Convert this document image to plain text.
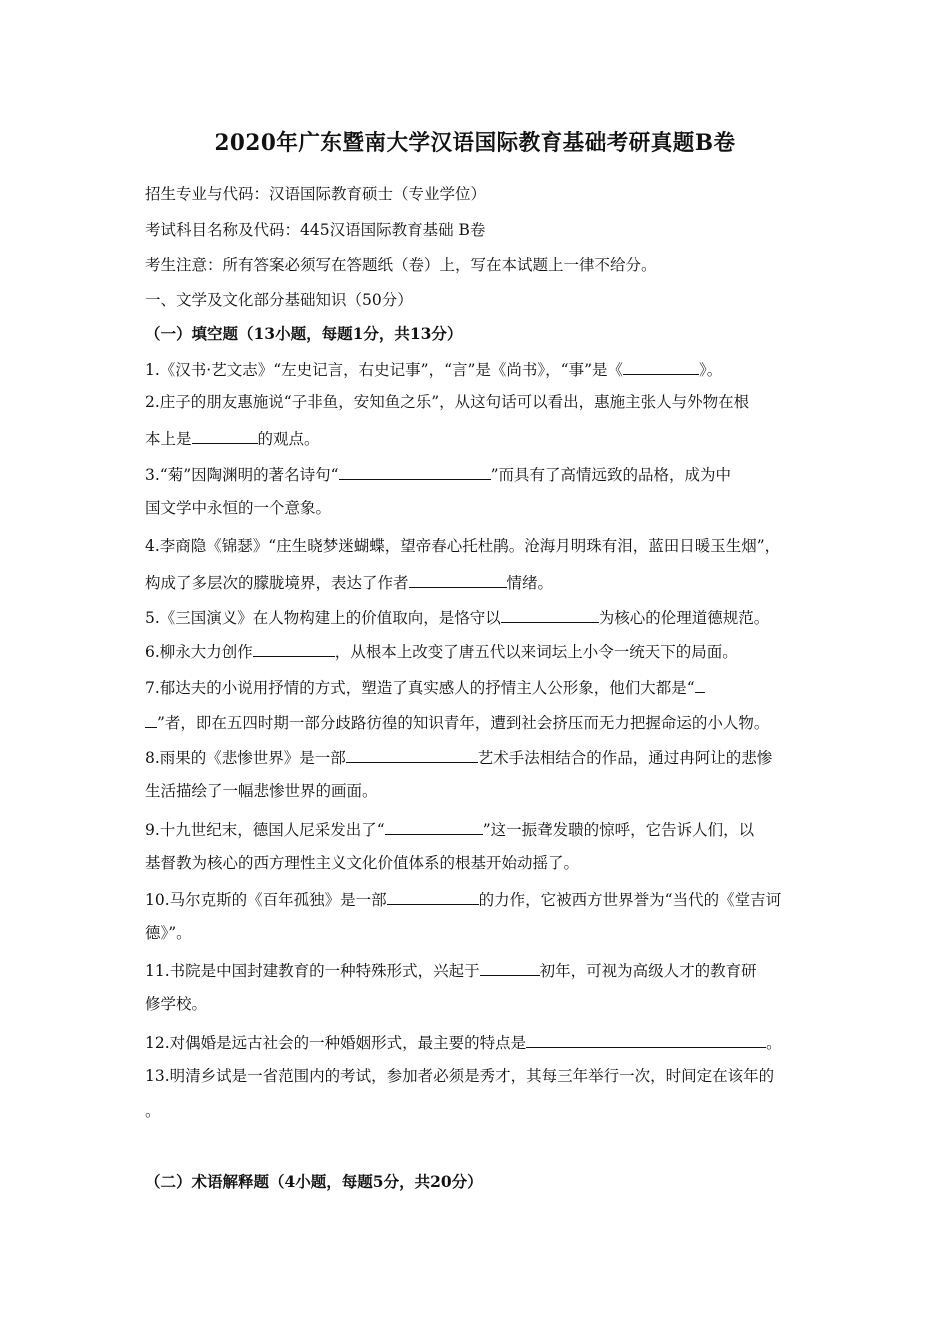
2020年广东暨南大学汉语国际教育基础考研真题B卷
招生专业与代码：汉语国际教育硕士（专业学位）
考试科目名称及代码：445汉语国际教育基础 B卷
考生注意：所有答案必须写在答题纸（卷）上，写在本试题上一律不给分。
一、文学及文化部分基础知识（50分）
（一）填空题（13小题，每题1分，共13分）
1.《汉书·艺文志》“左史记言，右史记事”，“言”是《尚书》，“事”是《	》。
2.庄子的朋友惠施说“子非鱼，安知鱼之乐”，从这句话可以看出，惠施主张人与外物在根
本上是	的观点。
3.“菊”因陶渊明的著名诗句“	”而具有了高情远致的品格，成为中
国文学中永恒的一个意象。
4.李商隐《锦瑟》“庄生晓梦迷蝴蝶，望帝春心托杜鹃。沧海月明珠有泪，蓝田日暖玉生烟”，
构成了多层次的朦胧境界，表达了作者	情绪。
5.《三国演义》在人物构建上的价值取向，是恪守以	为核心的伦理道德规范。
6.柳永大力创作	，从根本上改变了唐五代以来词坛上小令一统天下的局面。
7.郁达夫的小说用抒情的方式，塑造了真实感人的抒情主人公形象，他们大都是“
”者，即在五四时期一部分歧路彷徨的知识青年，遭到社会挤压而无力把握命运的小人物。
8.雨果的《悲惨世界》是一部	艺术手法相结合的作品，通过冉阿让的悲惨
生活描绘了一幅悲惨世界的画面。
9.十九世纪末，德国人尼采发出了“	”这一振聋发聩的惊呼，它告诉人们，以
基督教为核心的西方理性主义文化价值体系的根基开始动摇了。
10.马尔克斯的《百年孤独》是一部	的力作，它被西方世界誉为“当代的《堂吉诃
德》”。
11.书院是中国封建教育的一种特殊形式，兴起于	初年，可视为高级人才的教育研
修学校。
12.对偶婚是远古社会的一种婚姻形式，最主要的特点是	。
13.明清乡试是一省范围内的考试，参加者必须是秀才，其每三年举行一次，时间定在该年的
。
（二）术语解释题（4小题，每题5分，共20分）
